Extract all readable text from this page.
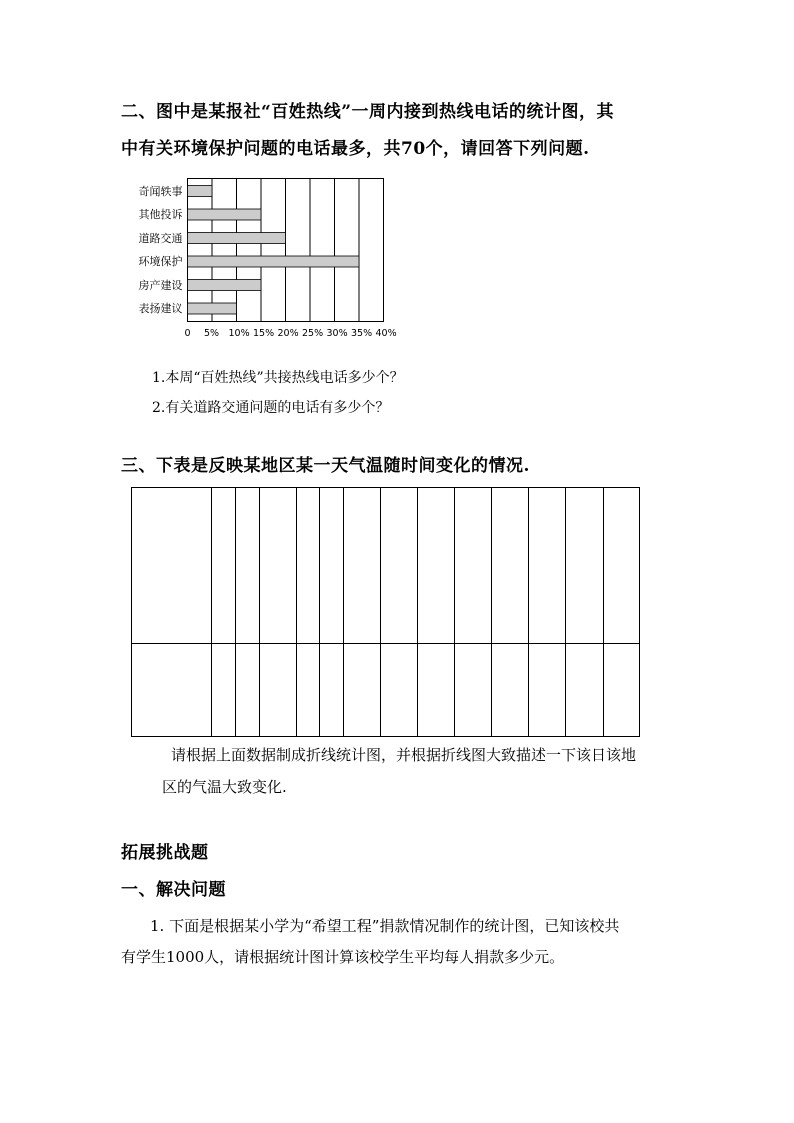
二、图中是某报社“百姓热线”一周内接到热线电话的统计图，其
中有关环境保护问题的电话最多，共70个，请回答下列问题.
奇闻轶事
其他投诉
道路交通
环境保护
房产建设
表扬建议
0 5% 10% 15% 20% 25% 30% 35% 40%
1.本周“百姓热线”共接热线电话多少个？
2.有关道路交通问题的电话有多少个？
三、下表是反映某地区某一天气温随时间变化的情况.
请根据上面数据制成折线统计图，并根据折线图大致描述一下该日该地
区的气温大致变化.
拓展挑战题
一、解决问题
1. 下面是根据某小学为“希望工程”捐款情况制作的统计图，已知该校共
有学生1000人，请根据统计图计算该校学生平均每人捐款多少元。
